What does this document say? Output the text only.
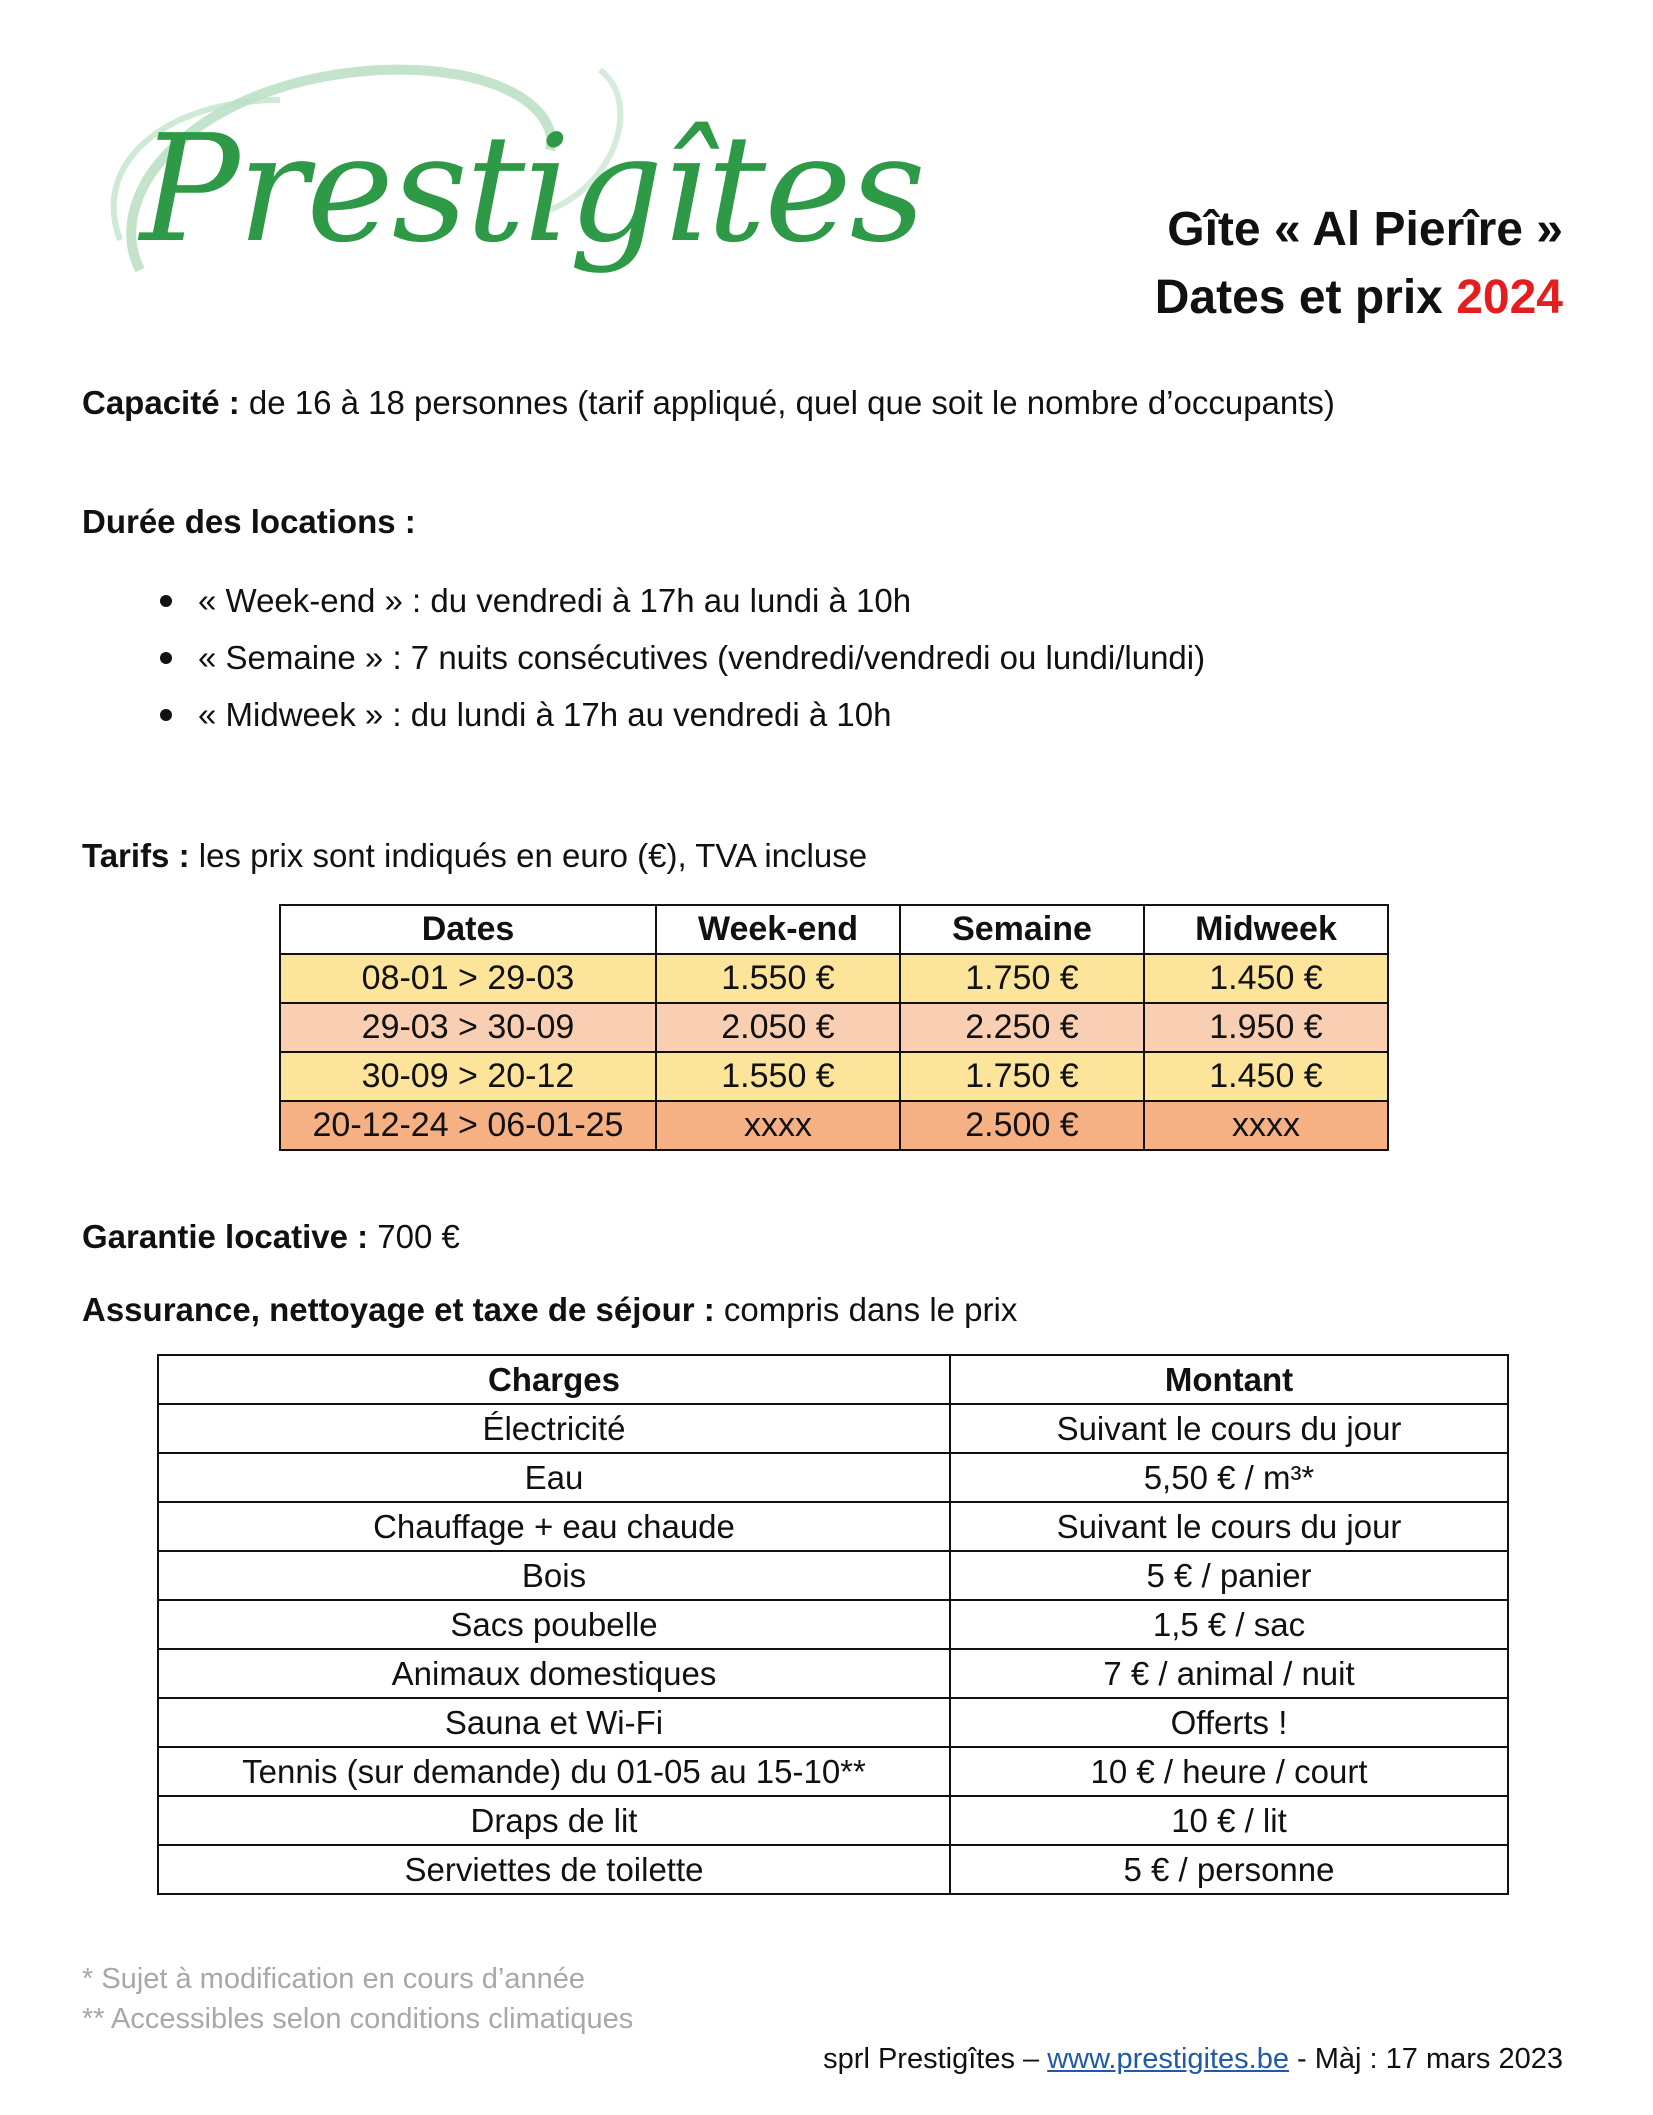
Prestigîtes	Gîte « Al Pierîre »
Dates et prix 2024
Capacité : de 16 à 18 personnes (tarif appliqué, quel que soit le nombre d’occupants)
Durée des locations :
« Week-end » : du vendredi à 17h au lundi à 10h
« Semaine » : 7 nuits consécutives (vendredi/vendredi ou lundi/lundi)
« Midweek » : du lundi à 17h au vendredi à 10h
Tarifs : les prix sont indiqués en euro (€), TVA incluse
Dates	Week-end	Semaine	Midweek
08-01 > 29-03	1.550 €	1.750 €	1.450 €
29-03 > 30-09	2.050 €	2.250 €	1.950 €
30-09 > 20-12	1.550 €	1.750 €	1.450 €
20-12-24 > 06-01-25	xxxx	2.500 €	xxxx
Garantie locative : 700 €
Assurance, nettoyage et taxe de séjour : compris dans le prix
Charges	Montant
Électricité	Suivant le cours du jour
Eau	5,50 € / m³*
Chauffage + eau chaude	Suivant le cours du jour
Bois	5 € / panier
Sacs poubelle	1,5 € / sac
Animaux domestiques	7 € / animal / nuit
Sauna et Wi-Fi	Offerts !
Tennis (sur demande) du 01-05 au 15-10**	10 € / heure / court
Draps de lit	10 € / lit
Serviettes de toilette	5 € / personne
* Sujet à modification en cours d’année
** Accessibles selon conditions climatiques
sprl Prestigîtes – www.prestigites.be - Màj : 17 mars 2023
